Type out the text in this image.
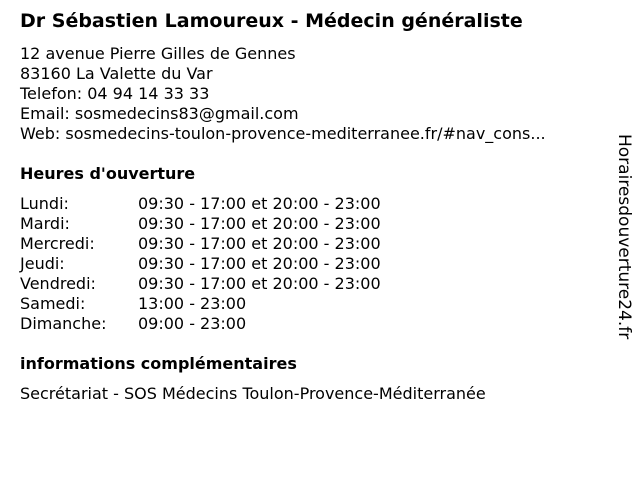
Dr Sébastien Lamoureux - Médecin généraliste
12 avenue Pierre Gilles de Gennes
83160 La Valette du Var
Telefon: 04 94 14 33 33
Email: sosmedecins83@gmail.com
Web: sosmedecins-toulon-provence-mediterranee.fr/#nav_cons...
Heures d'ouverture
Lundi:	09:30 - 17:00 et 20:00 - 23:00
Mardi:	09:30 - 17:00 et 20:00 - 23:00
Mercredi:	09:30 - 17:00 et 20:00 - 23:00
Jeudi:	09:30 - 17:00 et 20:00 - 23:00
Vendredi:	09:30 - 17:00 et 20:00 - 23:00
Samedi:	13:00 - 23:00
Dimanche:	09:00 - 23:00
informations complémentaires
Secrétariat - SOS Médecins Toulon-Provence-Méditerranée
Horairesdouverture24.fr
